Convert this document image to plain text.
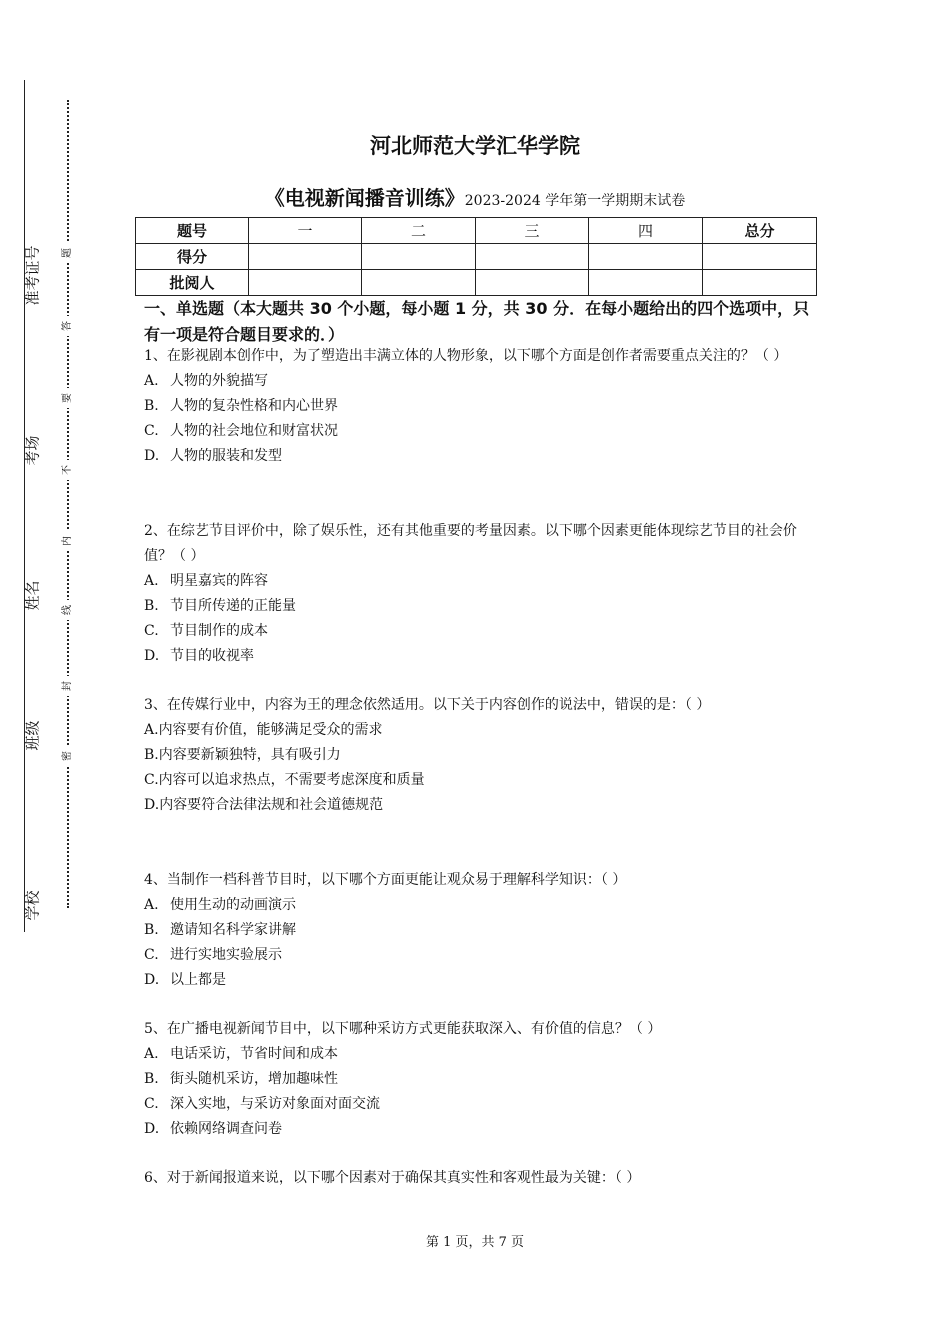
准考证号
考场
姓名
班级
学校
题
答
要
不
内
线
封
密
河北师范大学汇华学院
《电视新闻播音训练》2023-2024 学年第一学期期末试卷
题号	一	二	三	四	总分
得分					
批阅人					
一、单选题（本大题共 30 个小题，每小题 1 分，共 30 分．在每小题给出的四个选项中，只有一项是符合题目要求的．）

1、在影视剧本创作中，为了塑造出丰满立体的人物形象，以下哪个方面是创作者需要重点关注的？（ ）

A. 人物的外貌描写
B. 人物的复杂性格和内心世界
C. 人物的社会地位和财富状况
D. 人物的服装和发型

2、在综艺节目评价中，除了娱乐性，还有其他重要的考量因素。以下哪个因素更能体现综艺节目的社会价值？（ ）

A. 明星嘉宾的阵容
B. 节目所传递的正能量
C. 节目制作的成本
D. 节目的收视率

3、在传媒行业中，内容为王的理念依然适用。以下关于内容创作的说法中，错误的是：（ ）

A. 内容要有价值，能够满足受众的需求
B. 内容要新颖独特，具有吸引力
C. 内容可以追求热点，不需要考虑深度和质量
D. 内容要符合法律法规和社会道德规范

4、当制作一档科普节目时，以下哪个方面更能让观众易于理解科学知识：（ ）

A. 使用生动的动画演示
B. 邀请知名科学家讲解
C. 进行实地实验展示
D. 以上都是

5、在广播电视新闻节目中，以下哪种采访方式更能获取深入、有价值的信息？（ ）

A. 电话采访，节省时间和成本
B. 街头随机采访，增加趣味性
C. 深入实地，与采访对象面对面交流
D. 依赖网络调查问卷

6、对于新闻报道来说，以下哪个因素对于确保其真实性和客观性最为关键：（ ）

第 1 页，共 7 页
